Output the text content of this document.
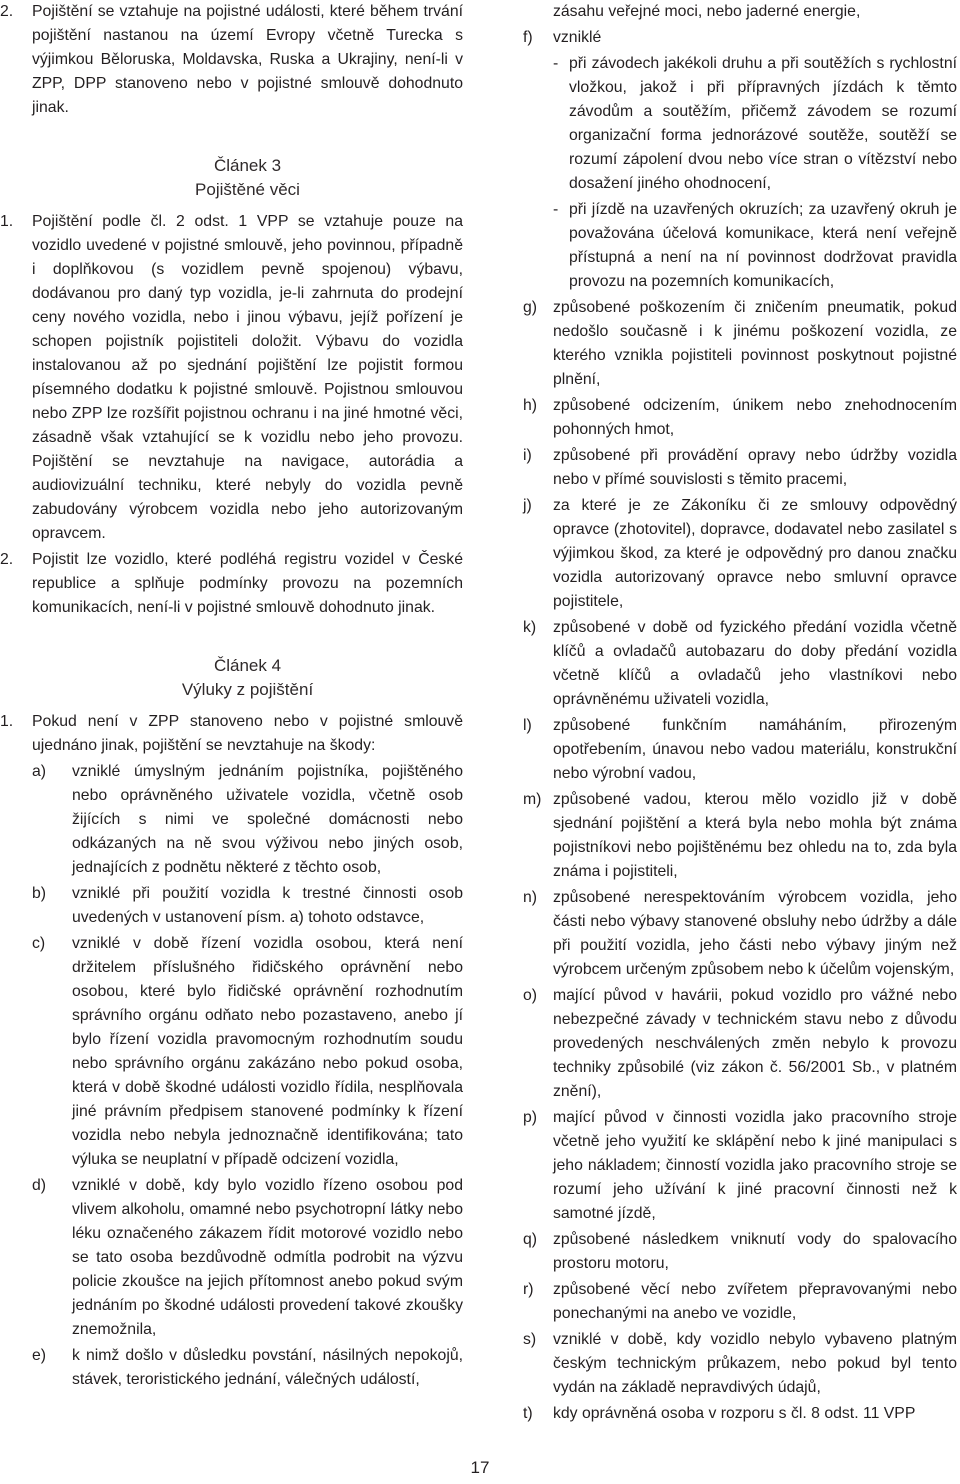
2. Pojištění se vztahuje na pojistné události, které během trvání pojištění nastanou na území Evropy včetně Turecka s výjimkou Běloruska, Moldavska, Ruska a Ukrajiny, není-li v ZPP, DPP stanoveno nebo v pojistné smlouvě dohodnuto jinak.
Článek 3
Pojištěné věci
1. Pojištění podle čl. 2 odst. 1 VPP se vztahuje pouze na vozidlo uvedené v pojistné smlouvě, jeho povinnou, případně i doplňkovou (s vozidlem pevně spojenou) výbavu, dodávanou pro daný typ vozidla, je-li zahrnuta do prodejní ceny nového vozidla, nebo i jinou výbavu, jejíž pořízení je schopen pojistník pojistiteli doložit. Výbavu do vozidla instalovanou až po sjednání pojištění lze pojistit formou písemného dodatku k pojistné smlouvě. Pojistnou smlouvou nebo ZPP lze rozšířit pojistnou ochranu i na jiné hmotné věci, zásadně však vztahující se k vozidlu nebo jeho provozu. Pojištění se nevztahuje na navigace, autorádia a audiovizuální techniku, které nebyly do vozidla pevně zabudovány výrobcem vozidla nebo jeho autorizovaným opravcem.
2. Pojistit lze vozidlo, které podléhá registru vozidel v České republice a splňuje podmínky provozu na pozemních komunikacích, není-li v pojistné smlouvě dohodnuto jinak.
Článek 4
Výluky z pojištění
1. Pokud není v ZPP stanoveno nebo v pojistné smlouvě ujednáno jinak, pojištění se nevztahuje na škody:
a) vzniklé úmyslným jednáním pojistníka, pojištěného nebo oprávněného uživatele vozidla, včetně osob žijících s nimi ve společné domácnosti nebo odkázaných na ně svou výživou nebo jiných osob, jednajících z podnětu některé z těchto osob,
b) vzniklé při použití vozidla k trestné činnosti osob uvedených v ustanovení písm. a) tohoto odstavce,
c) vzniklé v době řízení vozidla osobou, která není držitelem příslušného řidičského oprávnění nebo osobou, které bylo řidičské oprávnění rozhodnutím správního orgánu odňato nebo pozastaveno, anebo jí bylo řízení vozidla pravomocným rozhodnutím soudu nebo správního orgánu zakázáno nebo pokud osoba, která v době škodné události vozidlo řídila, nesplňovala jiné právním předpisem stanovené podmínky k řízení vozidla nebo nebyla jednoznačně identifikována; tato výluka se neuplatní v případě odcizení vozidla,
d) vzniklé v době, kdy bylo vozidlo řízeno osobou pod vlivem alkoholu, omamné nebo psychotropní látky nebo léku označeného zákazem řídit motorové vozidlo nebo se tato osoba bezdůvodně odmítla podrobit na výzvu policie zkoušce na jejich přítomnost anebo pokud svým jednáním po škodné události provedení takové zkoušky znemožnila,
e) k nimž došlo v důsledku povstání, násilných nepokojů, stávek, teroristického jednání, válečných událostí,
zásahu veřejné moci, nebo jaderné energie,
f) vzniklé
- při závodech jakékoli druhu a při soutěžích s rychlostní vložkou, jakož i při přípravných jízdách k těmto závodům a soutěžím, přičemž závodem se rozumí organizační forma jednorázové soutěže, soutěží se rozumí zápolení dvou nebo více stran o vítězství nebo dosažení jiného ohodnocení,
- při jízdě na uzavřených okruzích; za uzavřený okruh je považována účelová komunikace, která není veřejně přístupná a není na ní povinnost dodržovat pravidla provozu na pozemních komunikacích,
g) způsobené poškozením či zničením pneumatik, pokud nedošlo současně i k jinému poškození vozidla, ze kterého vznikla pojistiteli povinnost poskytnout pojistné plnění,
h) způsobené odcizením, únikem nebo znehodnocením pohonných hmot,
i) způsobené při provádění opravy nebo údržby vozidla nebo v přímé souvislosti s těmito pracemi,
j) za které je ze Zákoníku či ze smlouvy odpovědný opravce (zhotovitel), dopravce, dodavatel nebo zasilatel s výjimkou škod, za které je odpovědný pro danou značku vozidla autorizovaný opravce nebo smluvní opravce pojistitele,
k) způsobené v době od fyzického předání vozidla včetně klíčů a ovladačů autobazaru do doby předání vozidla včetně klíčů a ovladačů jeho vlastníkovi nebo oprávněnému uživateli vozidla,
l) způsobené funkčním namáháním, přirozeným opotřebením, únavou nebo vadou materiálu, konstrukční nebo výrobní vadou,
m) způsobené vadou, kterou mělo vozidlo již v době sjednání pojištění a která byla nebo mohla být známa pojistníkovi nebo pojištěnému bez ohledu na to, zda byla známa i pojistiteli,
n) způsobené nerespektováním výrobcem vozidla, jeho části nebo výbavy stanovené obsluhy nebo údržby a dále při použití vozidla, jeho části nebo výbavy jiným než výrobcem určeným způsobem nebo k účelům vojenským,
o) mající původ v havárii, pokud vozidlo pro vážné nebo nebezpečné závady v technickém stavu nebo z důvodu provedených neschválených změn nebylo k provozu techniky způsobilé (viz zákon č. 56/2001 Sb., v platném znění),
p) mající původ v činnosti vozidla jako pracovního stroje včetně jeho využití ke sklápění nebo k jiné manipulaci s jeho nákladem; činností vozidla jako pracovního stroje se rozumí jeho užívání k jiné pracovní činnosti než k samotné jízdě,
q) způsobené následkem vniknutí vody do spalovacího prostoru motoru,
r) způsobené věcí nebo zvířetem přepravovanými nebo ponechanými na anebo ve vozidle,
s) vzniklé v době, kdy vozidlo nebylo vybaveno platným českým technickým průkazem, nebo pokud byl tento vydán na základě nepravdivých údajů,
t) kdy oprávněná osoba v rozporu s čl. 8 odst. 11 VPP
17
